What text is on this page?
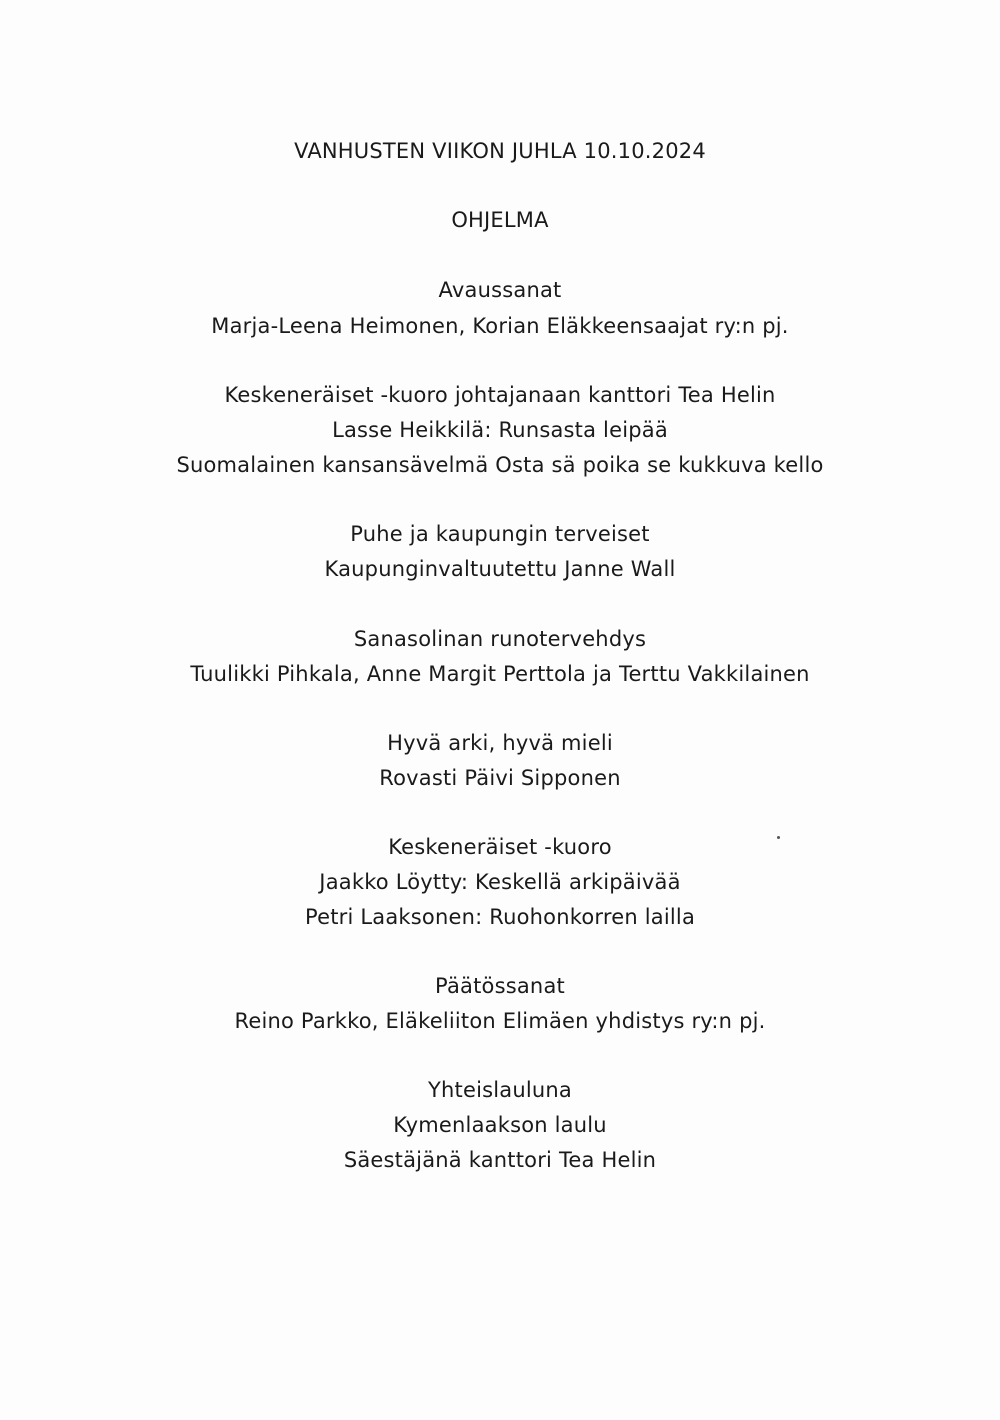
VANHUSTEN VIIKON JUHLA 10.10.2024
OHJELMA
Avaussanat
Marja-Leena Heimonen, Korian Eläkkeensaajat ry:n pj.
Keskeneräiset -kuoro johtajanaan kanttori Tea Helin
Lasse Heikkilä: Runsasta leipää
Suomalainen kansansävelmä Osta sä poika se kukkuva kello
Puhe ja kaupungin terveiset
Kaupunginvaltuutettu Janne Wall
Sanasolinan runotervehdys
Tuulikki Pihkala, Anne Margit Perttola ja Terttu Vakkilainen
Hyvä arki, hyvä mieli
Rovasti Päivi Sipponen
Keskeneräiset -kuoro
Jaakko Löytty: Keskellä arkipäivää
Petri Laaksonen: Ruohonkorren lailla
Päätössanat
Reino Parkko, Eläkeliiton Elimäen yhdistys ry:n pj.
Yhteislauluna
Kymenlaakson laulu
Säestäjänä kanttori Tea Helin
